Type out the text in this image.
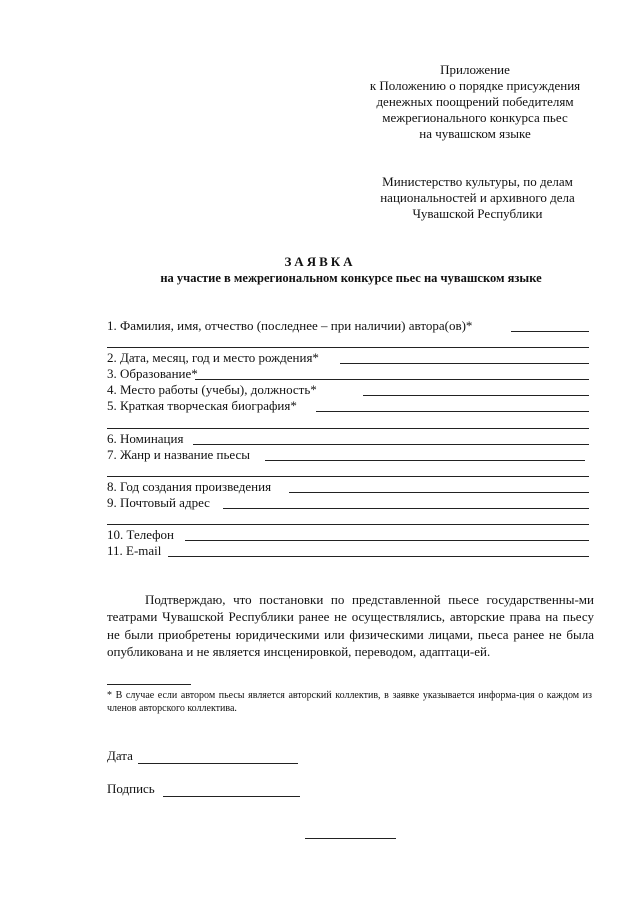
Приложение
к Положению о порядке присуждения
денежных поощрений победителям
межрегионального конкурса пьес
на чувашском языке
Министерство культуры, по делам
национальностей и архивного дела
Чувашской Республики
ЗАЯВКА
на участие в межрегиональном конкурсе пьес на чувашском языке
1. Фамилия, имя, отчество (последнее – при наличии) автора(ов)*
2. Дата, месяц, год и место рождения*
3. Образование*
4. Место работы (учебы), должность*
5. Краткая творческая биография*
6. Номинация
7. Жанр и название пьесы
8. Год создания произведения
9. Почтовый адрес
10. Телефон
11. E-mail
Подтверждаю, что постановки по представленной пьесе государственны-ми театрами Чувашской Республики ранее не осуществлялись, авторские права на пьесу не были приобретены юридическими или физическими лицами, пьеса ранее не была опубликована и не является инсценировкой, переводом, адаптаци-ей.
* В случае если автором пьесы является авторский коллектив, в заявке указывается информа-ция о каждом из членов авторского коллектива.
Дата
Подпись
